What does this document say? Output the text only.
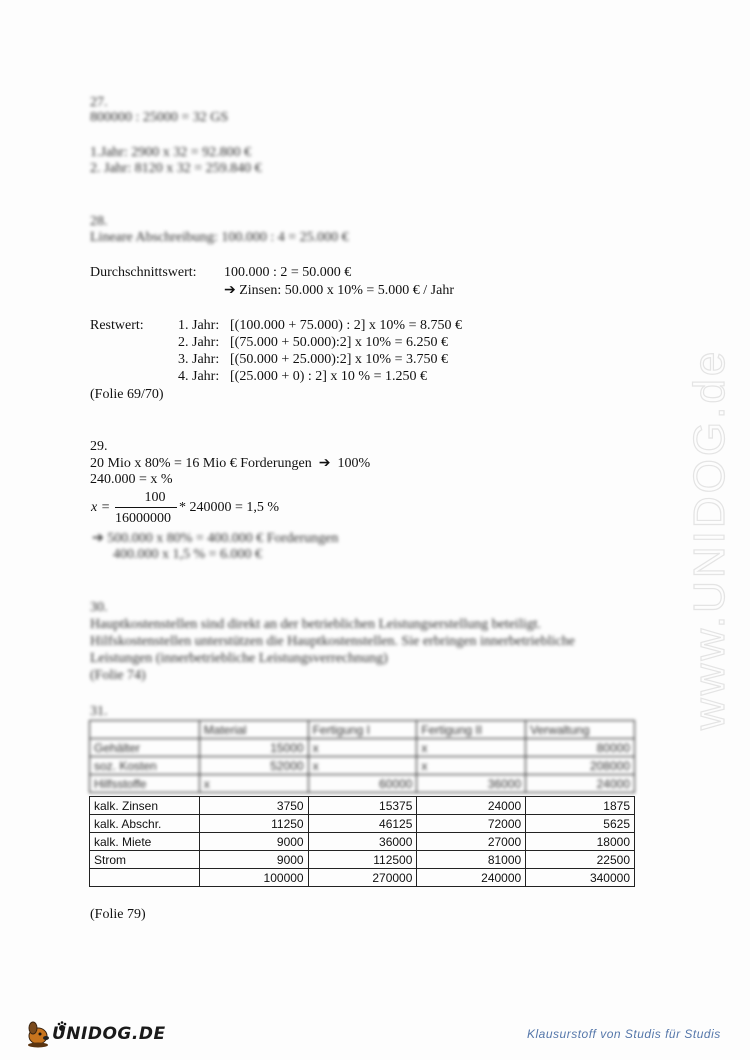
27.
800000 : 25000 = 32 GS
1.Jahr: 2900 x 32 = 92.800 €
2. Jahr: 8120 x 32 = 259.840 €
28.
Lineare Abschreibung: 100.000 : 4 = 25.000 €
Durchschnittswert: 100.000 : 2 = 50.000 €
➔ Zinsen: 50.000 x 10% = 5.000 € / Jahr
Restwert: 1. Jahr: [(100.000 + 75.000) : 2] x 10% = 8.750 €
2. Jahr: [(75.000 + 50.000):2] x 10% = 6.250 €
3. Jahr: [(50.000 + 25.000):2] x 10% = 3.750 €
4. Jahr: [(25.000 + 0) : 2] x 10 % = 1.250 €
(Folie 69/70)
29.
20 Mio x 80% = 16 Mio € Forderungen  ➔  100%
240.000 = x %
x =
100
16000000
* 240000 = 1,5 %
➔ 500.000 x 80% = 400.000 € Forderungen
400.000 x 1,5 % = 6.000 €
30.
Hauptkostenstellen sind direkt an der betrieblichen Leistungserstellung beteiligt.
Hilfskostenstellen unterstützen die Hauptkostenstellen. Sie erbringen innerbetriebliche
Leistungen (innerbetriebliche Leistungsverrechnung)
(Folie 74)
31.
	Material	Fertigung I	Fertigung II	Verwaltung
Gehälter	15000	x	x	80000
soz. Kosten	52000	x	x	208000
Hilfsstoffe	x	60000	36000	24000
kalk. Zinsen	3750	15375	24000	1875
kalk. Abschr.	11250	46125	72000	5625
kalk. Miete	9000	36000	27000	18000
Strom	9000	112500	81000	22500
	100000	270000	240000	340000
(Folie 79)
www.UNIDOG.de
UNIDOG.DE	Klausurstoff von Studis für Studis
